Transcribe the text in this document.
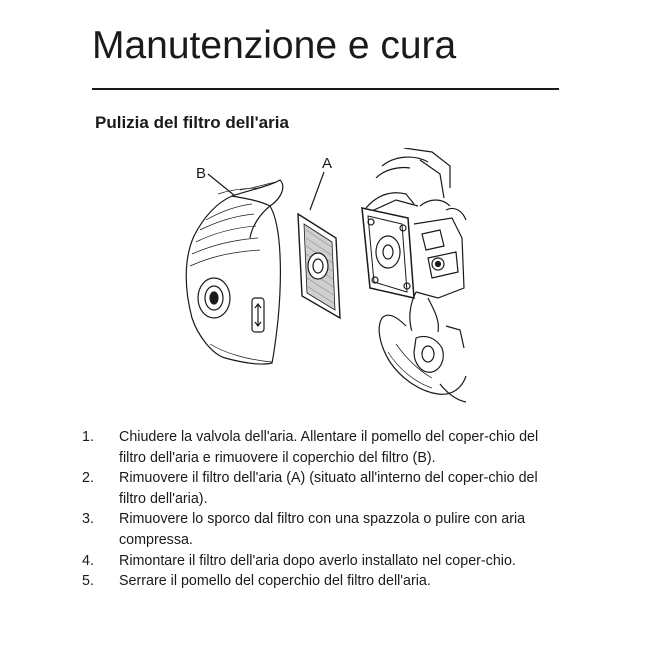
Manutenzione e cura
Pulizia del filtro dell'aria
B
A
1.	Chiudere la valvola dell'aria. Allentare il pomello del coper-chio del filtro dell'aria e rimuovere il coperchio del filtro (B).
2.	Rimuovere il filtro dell'aria (A) (situato all'interno del coper-chio del filtro dell'aria).
3.	Rimuovere lo sporco dal filtro con una spazzola o pulire con aria compressa.
4.	Rimontare il filtro dell'aria dopo averlo installato nel coper-chio.
5.	Serrare il pomello del coperchio del filtro dell'aria.
